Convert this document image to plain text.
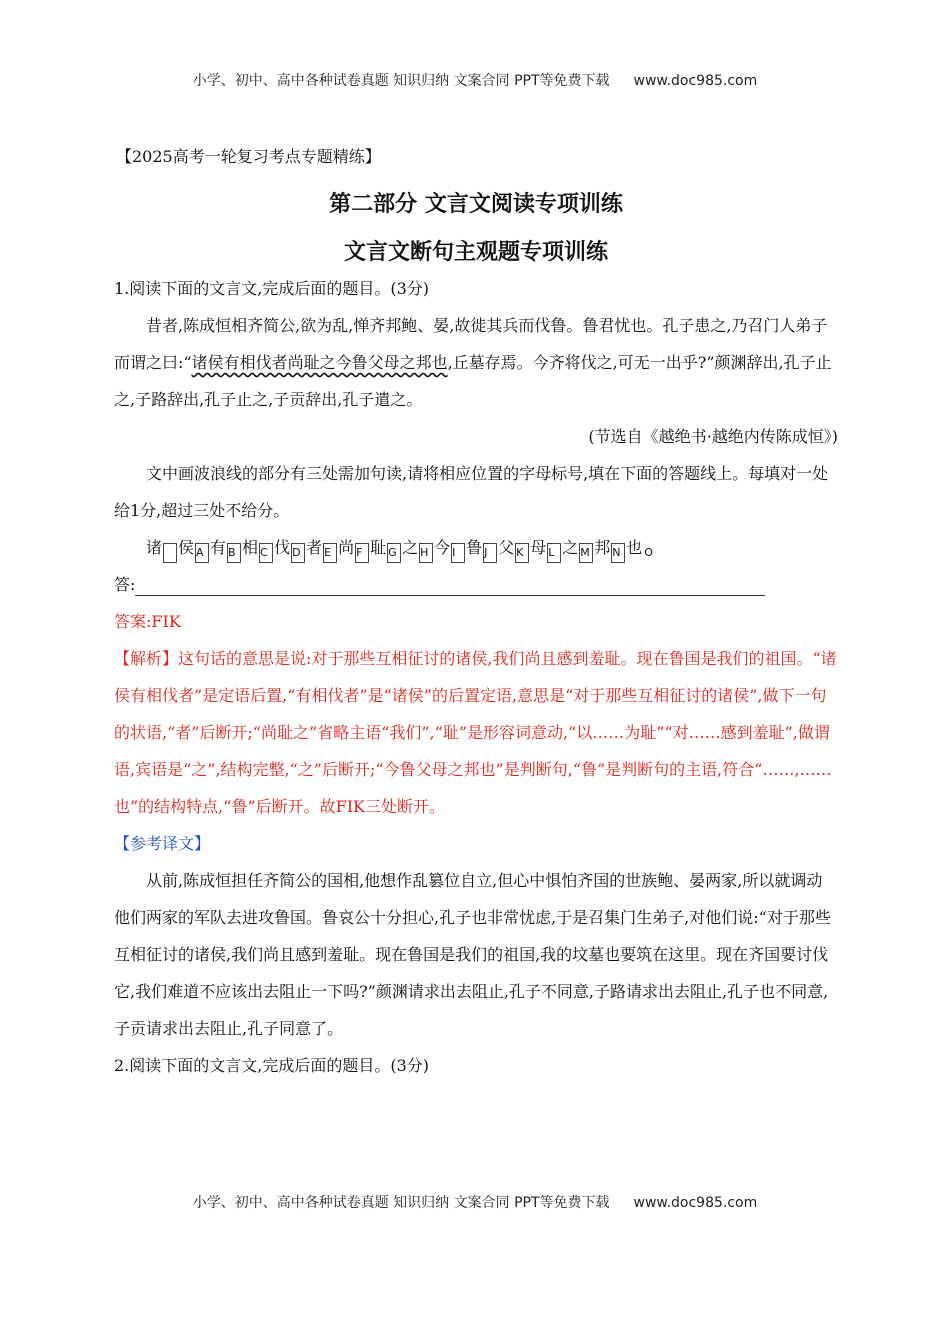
小学、初中、高中各种试卷真题 知识归纳 文案合同 PPT等免费下载 www.doc985.com
【2025高考一轮复习考点专题精练】
第二部分 文言文阅读专项训练
文言文断句主观题专项训练

1.阅读下面的文言文,完成后面的题目。(3分)

昔者,陈成恒相齐简公,欲为乱,惮齐邦鲍、晏,故徙其兵而伐鲁。鲁君忧也。孔子患之,乃召门人弟子而谓之曰:“诸侯有相伐者尚耻之今鲁父母之邦也,丘墓存焉。今齐将伐之,可无一出乎?”颜渊辞出,孔子止之,子路辞出,孔子止之,子贡辞出,孔子遣之。

(节选自《越绝书·越绝内传陈成恒》)

文中画波浪线的部分有三处需加句读,请将相应位置的字母标号,填在下面的答题线上。每填对一处给1分,超过三处不给分。

诸	A侯	B有	C相	D伐	E者	F尚	G耻	H之	I今	J鲁	K父	L母	M之	N邦	O也

答:

答案:FIK

【解析】这句话的意思是说:对于那些互相征讨的诸侯,我们尚且感到羞耻。现在鲁国是我们的祖国。“诸侯有相伐者”是定语后置,“有相伐者”是“诸侯”的后置定语,意思是“对于那些互相征讨的诸侯”,做下一句的状语,“者”后断开;“尚耻之”省略主语“我们”,“耻”是形容词意动,“以……为耻”“对……感到羞耻”,做谓语,宾语是“之”,结构完整,“之”后断开;“今鲁父母之邦也”是判断句,“鲁”是判断句的主语,符合“……,……也”的结构特点,“鲁”后断开。故FIK三处断开。

【参考译文】

从前,陈成恒担任齐简公的国相,他想作乱篡位自立,但心中惧怕齐国的世族鲍、晏两家,所以就调动他们两家的军队去进攻鲁国。鲁哀公十分担心,孔子也非常忧虑,于是召集门生弟子,对他们说:“对于那些互相征讨的诸侯,我们尚且感到羞耻。现在鲁国是我们的祖国,我的坟墓也要筑在这里。现在齐国要讨伐它,我们难道不应该出去阻止一下吗?”颜渊请求出去阻止,孔子不同意,子路请求出去阻止,孔子也不同意,子贡请求出去阻止,孔子同意了。

2.阅读下面的文言文,完成后面的题目。(3分)

小学、初中、高中各种试卷真题 知识归纳 文案合同 PPT等免费下载 www.doc985.com
